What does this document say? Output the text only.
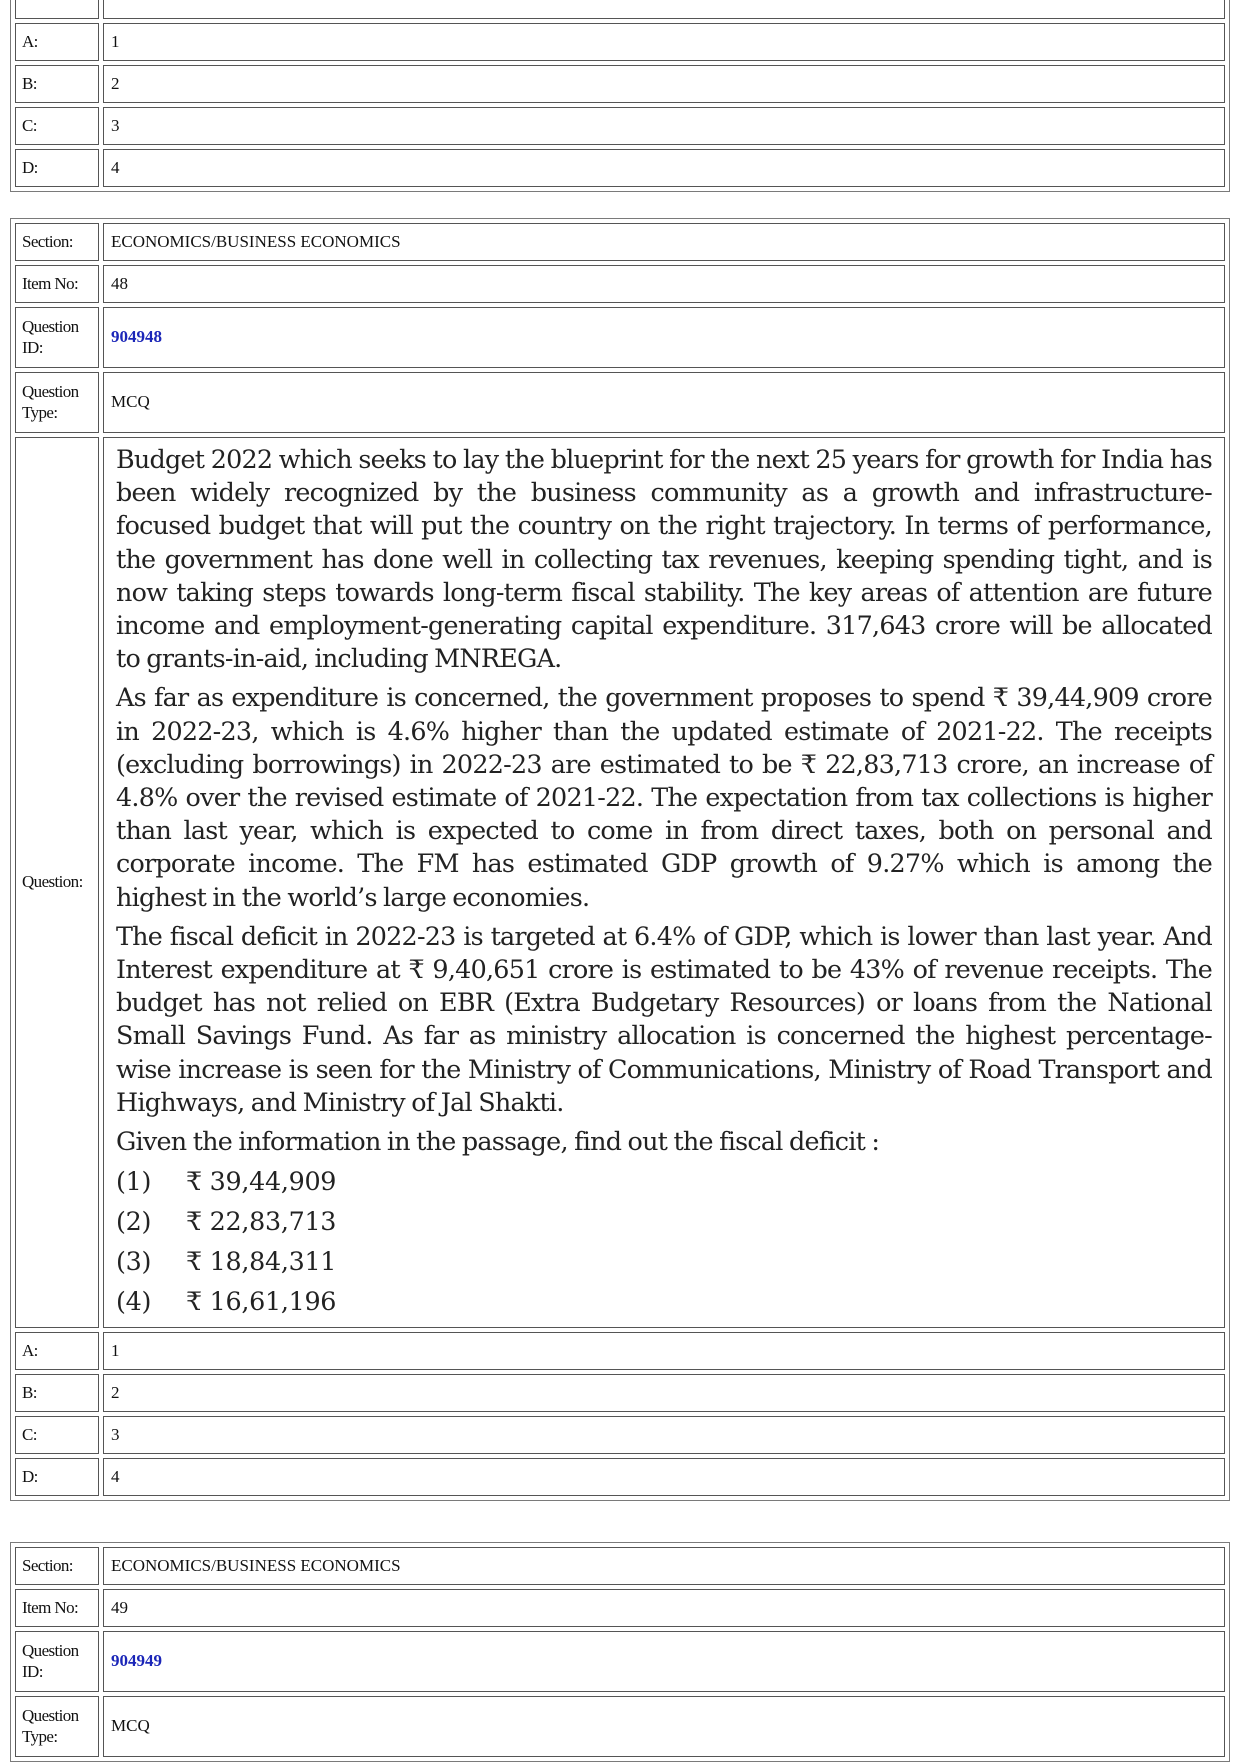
A:	1
B:	2
C:	3
D:	4
Section:	ECONOMICS/BUSINESS ECONOMICS
Item No:	48
Question ID:
904948
Question Type:
MCQ
Question:

Budget 2022 which seeks to lay the blueprint for the next 25 years for growth for India has been widely recognized by the business community as a growth and infrastructure-focused budget that will put the country on the right trajectory. In terms of performance, the government has done well in collecting tax revenues, keeping spending tight, and is now taking steps towards long-term fiscal stability. The key areas of attention are future income and employment-generating capital expenditure. 317,643 crore will be allocated to grants-in-aid, including MNREGA.

As far as expenditure is concerned, the government proposes to spend ₹ 39,44,909 crore in 2022-23, which is 4.6% higher than the updated estimate of 2021-22. The receipts (excluding borrowings) in 2022-23 are estimated to be ₹ 22,83,713 crore, an increase of 4.8% over the revised estimate of 2021-22. The expectation from tax collections is higher than last year, which is expected to come in from direct taxes, both on personal and corporate income. The FM has estimated GDP growth of 9.27% which is among the highest in the world’s large economies.

The fiscal deficit in 2022-23 is targeted at 6.4% of GDP, which is lower than last year. And Interest expenditure at ₹ 9,40,651 crore is estimated to be 43% of revenue receipts. The budget has not relied on EBR (Extra Budgetary Resources) or loans from the National Small Savings Fund. As far as ministry allocation is concerned the highest percentage-wise increase is seen for the Ministry of Communications, Ministry of Road Transport and Highways, and Ministry of Jal Shakti.

Given the information in the passage, find out the fiscal deficit :

(1)	₹ 39,44,909
(2)	₹ 22,83,713
(3)	₹ 18,84,311
(4)	₹ 16,61,196
A:	1
B:	2
C:	3
D:	4
Section:	ECONOMICS/BUSINESS ECONOMICS
Item No:	49
Question ID:
904949
Question Type:
MCQ
